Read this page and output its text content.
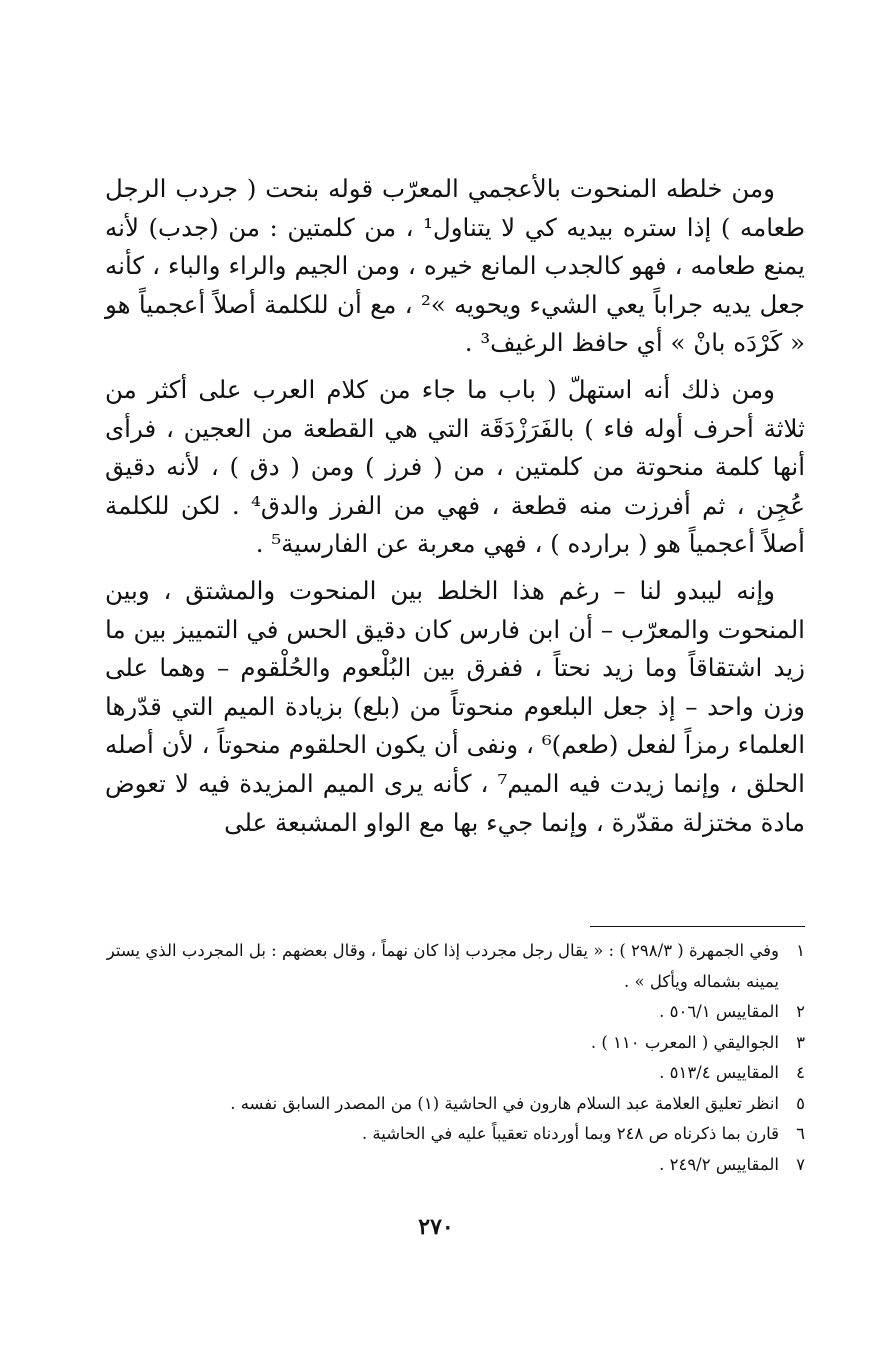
ومن خلطه المنحوت بالأعجمي المعرّب قوله بنحت ( جردب الرجل طعامه ) إذا ستره بيديه كي لا يتناول¹ ، من كلمتين : من (جدب) لأنه يمنع طعامه ، فهو كالجدب المانع خيره ، ومن الجيم والراء والباء ، كأنه جعل يديه جراباً يعي الشيء ويحويه »² ، مع أن للكلمة أصلاً أعجمياً هو « كَرْدَه بانْ » أي حافظ الرغيف³ .

ومن ذلك أنه استهلّ ( باب ما جاء من كلام العرب على أكثر من ثلاثة أحرف أوله فاء ) بالفَرَزْدَقَة التي هي القطعة من العجين ، فرأى أنها كلمة منحوتة من كلمتين ، من ( فرز ) ومن ( دق ) ، لأنه دقيق عُجِن ، ثم أفرزت منه قطعة ، فهي من الفرز والدق⁴ . لكن للكلمة أصلاً أعجمياً هو ( برارده ) ، فهي معربة عن الفارسية⁵ .

وإنه ليبدو لنا – رغم هذا الخلط بين المنحوت والمشتق ، وبين المنحوت والمعرّب – أن ابن فارس كان دقيق الحس في التمييز بين ما زيد اشتقاقاً وما زيد نحتاً ، ففرق بين البُلْعوم والحُلْقوم – وهما على وزن واحد – إذ جعل البلعوم منحوتاً من (بلع) بزيادة الميم التي قدّرها العلماء رمزاً لفعل (طعم)⁶ ، ونفى أن يكون الحلقوم منحوتاً ، لأن أصله الحلق ، وإنما زيدت فيه الميم⁷ ، كأنه يرى الميم المزيدة فيه لا تعوض مادة مختزلة مقدّرة ، وإنما جيء بها مع الواو المشبعة على

١
وفي الجمهرة ( ٢٩٨/٣ ) : « يقال رجل مجردب إذا كان نهماً ، وقال بعضهم : بل المجردب الذي يستر يمينه بشماله ويأكل » .
٢
المقاييس ٥٠٦/١ .
٣
الجواليقي ( المعرب ١١٠ ) .
٤
المقاييس ٥١٣/٤ .
٥
انظر تعليق العلامة عبد السلام هارون في الحاشية (١) من المصدر السابق نفسه .
٦
قارن بما ذكرناه ص ٢٤٨ وبما أوردناه تعقيباً عليه في الحاشية .
٧
المقاييس ٢٤٩/٢ .
٢٧٠
